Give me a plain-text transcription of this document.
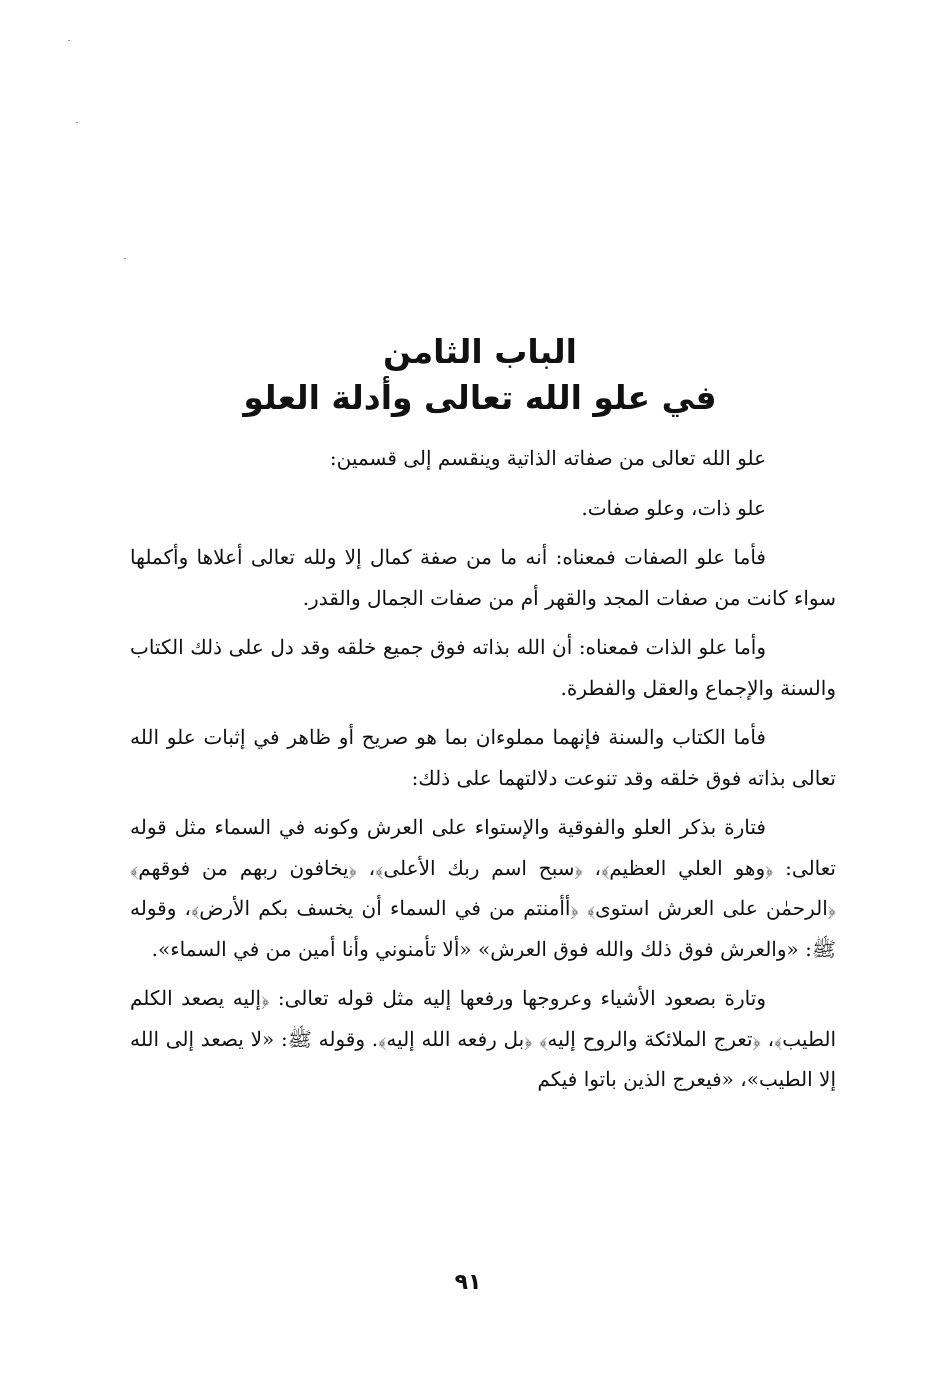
الباب الثامن
في علو الله تعالى وأدلة العلو

علو الله تعالى من صفاته الذاتية وينقسم إلى قسمين:

علو ذات، وعلو صفات.

فأما علو الصفات فمعناه: أنه ما من صفة كمال إلا ولله تعالى أعلاها وأكملها سواء كانت من صفات المجد والقهر أم من صفات الجمال والقدر.

وأما علو الذات فمعناه: أن الله بذاته فوق جميع خلقه وقد دل على ذلك الكتاب والسنة والإجماع والعقل والفطرة.

فأما الكتاب والسنة فإنهما مملوءان بما هو صريح أو ظاهر في إثبات علو الله تعالى بذاته فوق خلقه وقد تنوعت دلالتهما على ذلك:

فتارة بذكر العلو والفوقية والإستواء على العرش وكونه في السماء مثل قوله تعالى: ﴿وهو العلي العظيم﴾، ﴿سبح اسم ربك الأعلى﴾، ﴿يخافون ربهم من فوقهم﴾ ﴿الرحمٰن على العرش استوى﴾ ﴿أأمنتم من في السماء أن يخسف بكم الأرض﴾، وقوله ﷺ: «والعرش فوق ذلك والله فوق العرش» «ألا تأمنوني وأنا أمين من في السماء».

وتارة بصعود الأشياء وعروجها ورفعها إليه مثل قوله تعالى: ﴿إليه يصعد الكلم الطيب﴾، ﴿تعرج الملائكة والروح إليه﴾ ﴿بل رفعه الله إليه﴾. وقوله ﷺ: «لا يصعد إلى الله إلا الطيب»، «فيعرج الذين باتوا فيكم

٩١
